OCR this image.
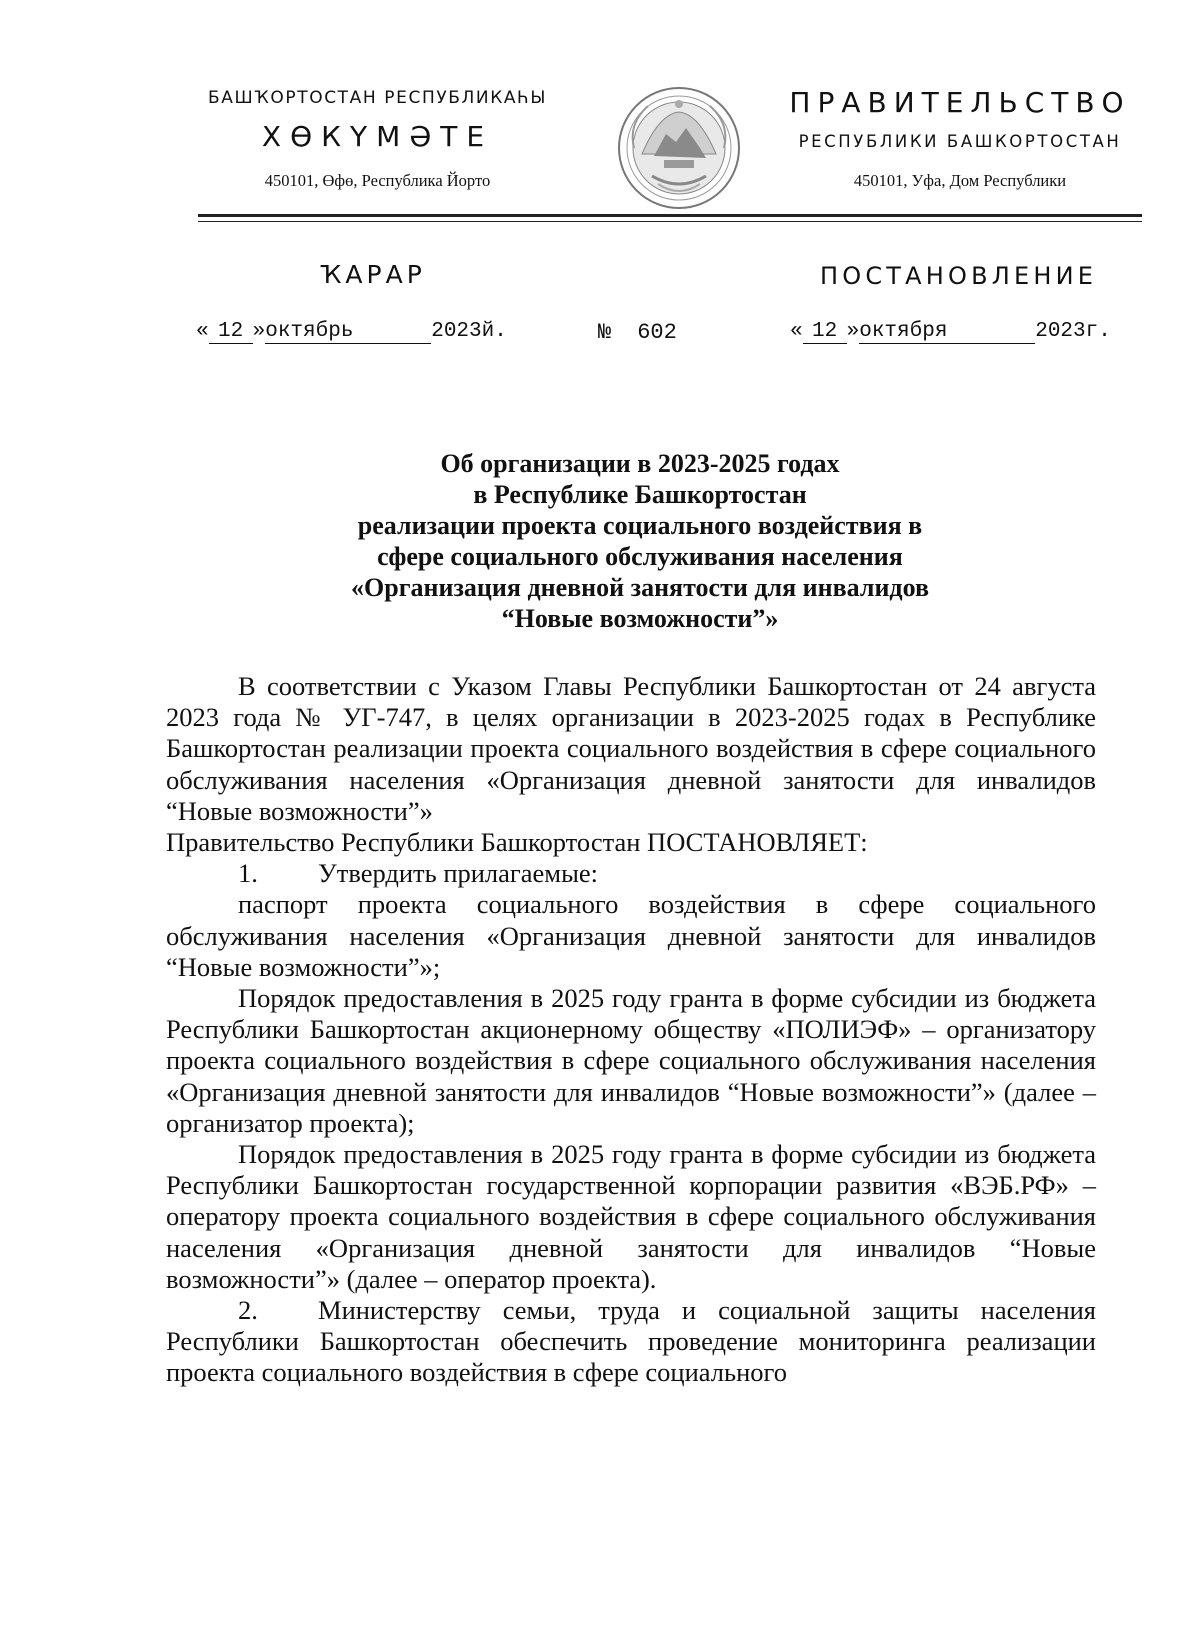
БАШҠОРТОСТАН РЕСПУБЛИКАҺЫ
ХӨКҮМӘТЕ
450101, Өфө, Республика Йорто
ПРАВИТЕЛЬСТВО
РЕСПУБЛИКИ БАШКОРТОСТАН
450101, Уфа, Дом Республики
ҠАРАР	ПОСТАНОВЛЕНИЕ
« 12 »октябрь	2023й.	№ 602	« 12 »октября	2023г.
Об организации в 2023-2025 годах
в Республике Башкортостан
реализации проекта социального воздействия в
сфере социального обслуживания населения
«Организация дневной занятости для инвалидов
“Новые возможности”»

В соответствии с Указом Главы Республики Башкортостан от 24 августа 2023 года № УГ-747, в целях организации в 2023-2025 годах в Республике Башкортостан реализации проекта социального воздействия в сфере социального обслуживания населения «Организация дневной занятости для инвалидов “Новые возможности”»

Правительство Республики Башкортостан ПОСТАНОВЛЯЕТ:

1. Утвердить прилагаемые:

паспорт проекта социального воздействия в сфере социального обслуживания населения «Организация дневной занятости для инвалидов “Новые возможности”»;

Порядок предоставления в 2025 году гранта в форме субсидии из бюджета Республики Башкортостан акционерному обществу «ПОЛИЭФ» – организатору проекта социального воздействия в сфере социального обслуживания населения «Организация дневной занятости для инвалидов “Новые возможности”» (далее – организатор проекта);

Порядок предоставления в 2025 году гранта в форме субсидии из бюджета Республики Башкортостан государственной корпорации развития «ВЭБ.РФ» – оператору проекта социального воздействия в сфере социального обслуживания населения «Организация дневной занятости для инвалидов “Новые возможности”» (далее – оператор проекта).

2. Министерству семьи, труда и социальной защиты населения Республики Башкортостан обеспечить проведение мониторинга реализации проекта социального воздействия в сфере социального
